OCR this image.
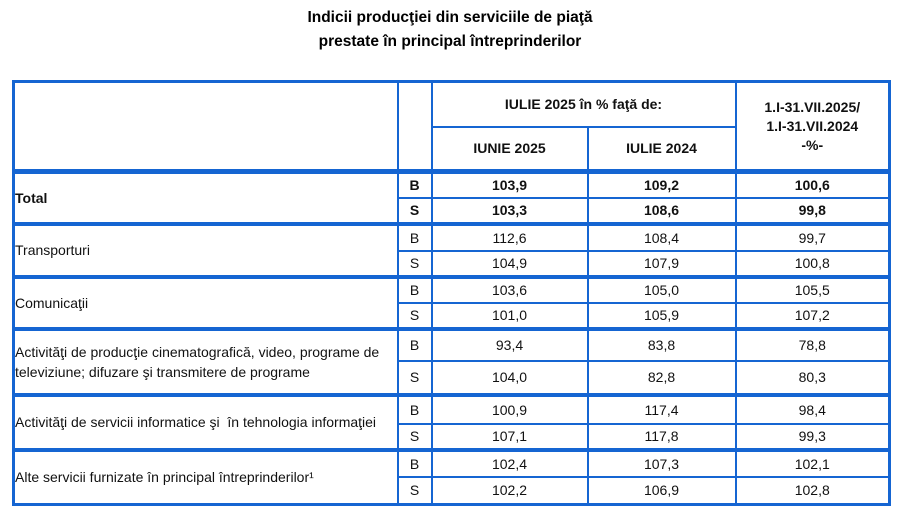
Indicii producţiei din serviciile de piaţă
prestate în principal întreprinderilor
		IULIE 2025 în % faţă de:		1.I-31.VII.2025/
1.I-31.VII.2024
-%-

		IUNIE 2025	IULIE 2024	
Total	B	103,9	109,2	100,6
	S	103,3	108,6	99,8
Transporturi	B	112,6	108,4	99,7
	S	104,9	107,9	100,8
Comunicaţii	B	103,6	105,0	105,5
	S	101,0	105,9	107,2
Activităţi de producţie cinematografică, video, programe de televiziune; difuzare şi transmitere de programe	B	93,4	83,8	78,8
	S	104,0	82,8	80,3
Activităţi de servicii informatice şi  în tehnologia informaţiei	B	100,9	117,4	98,4
	S	107,1	117,8	99,3
Alte servicii furnizate în principal întreprinderilor¹	B	102,4	107,3	102,1
	S	102,2	106,9	102,8
